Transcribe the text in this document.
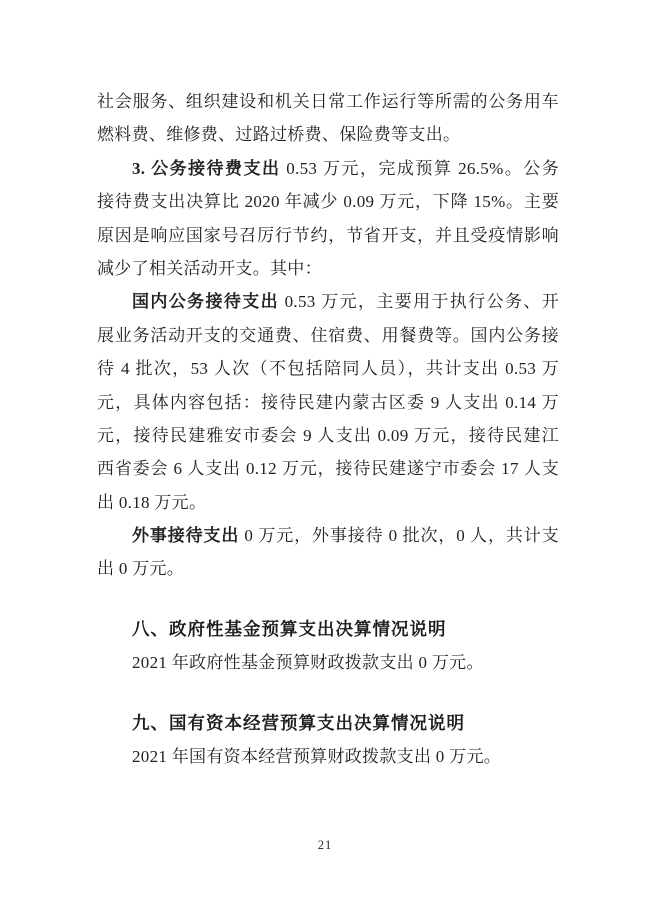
社会服务、组织建设和机关日常工作运行等所需的公务用车
燃料费、维修费、过路过桥费、保险费等支出。
3. 公务接待费支出 0.53 万元，完成预算 26.5%。公务
接待费支出决算比 2020 年减少 0.09 万元，下降 15%。主要
原因是响应国家号召厉行节约，节省开支，并且受疫情影响
减少了相关活动开支。其中：
国内公务接待支出 0.53 万元，主要用于执行公务、开
展业务活动开支的交通费、住宿费、用餐费等。国内公务接
待 4 批次，53 人次（不包括陪同人员），共计支出 0.53 万
元，具体内容包括：接待民建内蒙古区委 9 人支出 0.14 万
元，接待民建雅安市委会 9 人支出 0.09 万元，接待民建江
西省委会 6 人支出 0.12 万元，接待民建遂宁市委会 17 人支
出 0.18 万元。
外事接待支出 0 万元，外事接待 0 批次，0 人，共计支
出 0 万元。
八、政府性基金预算支出决算情况说明
2021 年政府性基金预算财政拨款支出 0 万元。
九、国有资本经营预算支出决算情况说明
2021 年国有资本经营预算财政拨款支出 0 万元。
21
